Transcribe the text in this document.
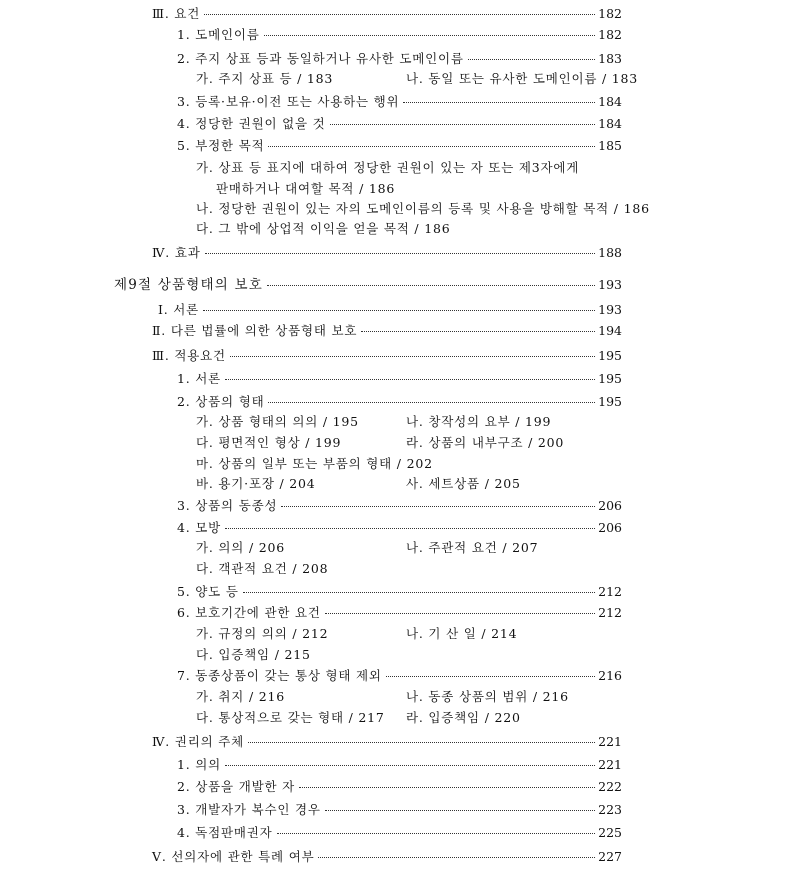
Ⅲ. 요건	182
1. 도메인이름	182
2. 주지 상표 등과 동일하거나 유사한 도메인이름	183
가. 주지 상표 등 / 183	나. 동일 또는 유사한 도메인이름 / 183
3. 등록·보유·이전 또는 사용하는 행위	184
4. 정당한 권원이 없을 것	184
5. 부정한 목적	185
가. 상표 등 표지에 대하여 정당한 권원이 있는 자 또는 제3자에게
판매하거나 대여할 목적 / 186
나. 정당한 권원이 있는 자의 도메인이름의 등록 및 사용을 방해할 목적 / 186
다. 그 밖에 상업적 이익을 얻을 목적 / 186
Ⅳ. 효과	188
제9절 상품형태의 보호	193
Ⅰ. 서론	193
Ⅱ. 다른 법률에 의한 상품형태 보호	194
Ⅲ. 적용요건	195
1. 서론	195
2. 상품의 형태	195
가. 상품 형태의 의의 / 195	나. 창작성의 요부 / 199
다. 평면적인 형상 / 199	라. 상품의 내부구조 / 200
마. 상품의 일부 또는 부품의 형태 / 202
바. 용기·포장 / 204	사. 세트상품 / 205
3. 상품의 동종성	206
4. 모방	206
가. 의의 / 206	나. 주관적 요건 / 207
다. 객관적 요건 / 208
5. 양도 등	212
6. 보호기간에 관한 요건	212
가. 규정의 의의 / 212	나. 기 산 일 / 214
다. 입증책임 / 215
7. 동종상품이 갖는 통상 형태 제외	216
가. 취지 / 216	나. 동종 상품의 범위 / 216
다. 통상적으로 갖는 형태 / 217 라. 입증책임 / 220
Ⅳ. 권리의 주체	221
1. 의의	221
2. 상품을 개발한 자	222
3. 개발자가 복수인 경우	223
4. 독점판매권자	225
Ⅴ. 선의자에 관한 특례 여부	227
